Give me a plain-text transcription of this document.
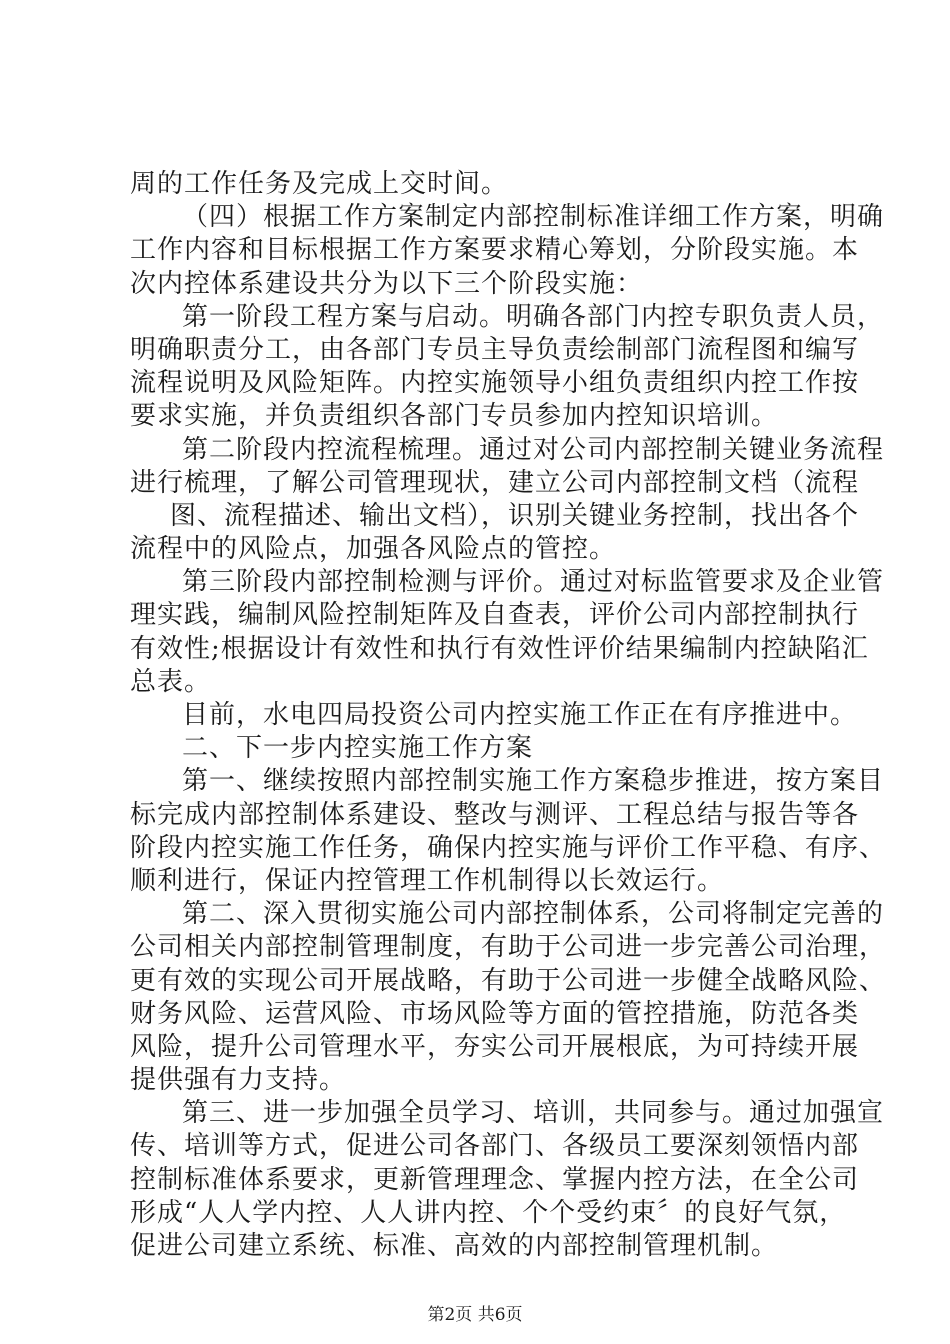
周的工作任务及完成上交时间。
（四）根据工作方案制定内部控制标准详细工作方案，明确
工作内容和目标根据工作方案要求精心筹划，分阶段实施。本
次内控体系建设共分为以下三个阶段实施：
第一阶段工程方案与启动。明确各部门内控专职负责人员，
明确职责分工，由各部门专员主导负责绘制部门流程图和编写
流程说明及风险矩阵。内控实施领导小组负责组织内控工作按
要求实施，并负责组织各部门专员参加内控知识培训。
第二阶段内控流程梳理。通过对公司内部控制关键业务流程
进行梳理，了解公司管理现状，建立公司内部控制文档（流程
图、流程描述、输出文档），识别关键业务控制，找出各个
流程中的风险点，加强各风险点的管控。
第三阶段内部控制检测与评价。通过对标监管要求及企业管
理实践，编制风险控制矩阵及自查表，评价公司内部控制执行
有效性;根据设计有效性和执行有效性评价结果编制内控缺陷汇
总表。
目前，水电四局投资公司内控实施工作正在有序推进中。
二、下一步内控实施工作方案
第一、继续按照内部控制实施工作方案稳步推进，按方案目
标完成内部控制体系建设、整改与测评、工程总结与报告等各
阶段内控实施工作任务，确保内控实施与评价工作平稳、有序、
顺利进行，保证内控管理工作机制得以长效运行。
第二、深入贯彻实施公司内部控制体系，公司将制定完善的
公司相关内部控制管理制度，有助于公司进一步完善公司治理，
更有效的实现公司开展战略，有助于公司进一步健全战略风险、
财务风险、运营风险、市场风险等方面的管控措施，防范各类
风险，提升公司管理水平，夯实公司开展根底，为可持续开展
提供强有力支持。
第三、进一步加强全员学习、培训，共同参与。通过加强宣
传、培训等方式，促进公司各部门、各级员工要深刻领悟内部
控制标准体系要求，更新管理理念、掌握内控方法，在全公司
形成“人人学内控、人人讲内控、个个受约束〞的良好气氛，
促进公司建立系统、标准、高效的内部控制管理机制。
第2页 共6页
